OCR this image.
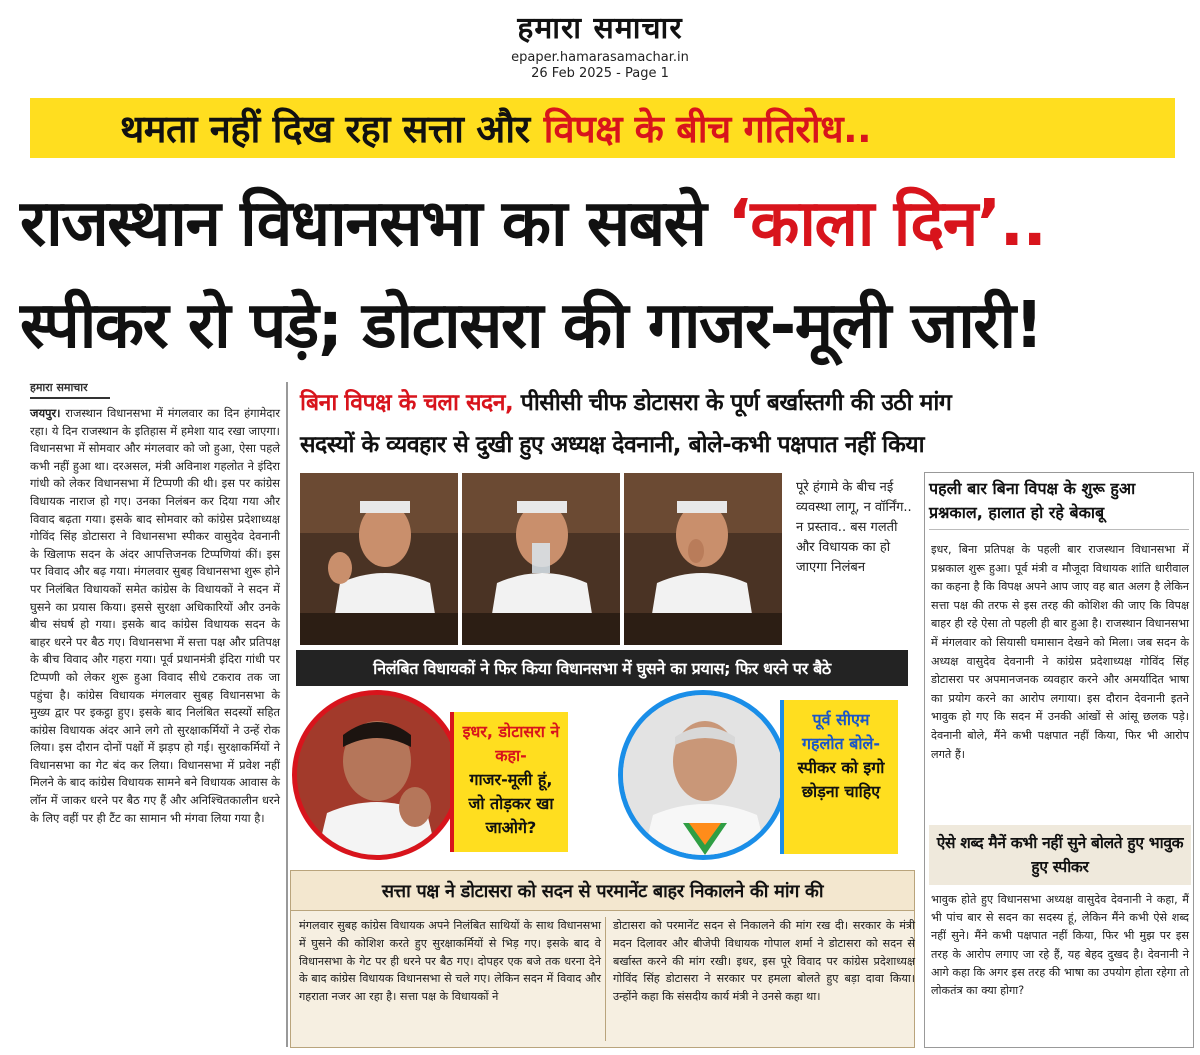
हमारा समाचार
epaper.hamarasamachar.in
26 Feb 2025 - Page 1
थमता नहीं दिख रहा सत्ता और विपक्ष के बीच गतिरोध..
राजस्थान विधानसभा का सबसे ‘काला दिन’..
स्पीकर रो पड़े; डोटासरा की गाजर-मूली जारी!
हमारा समाचार
जयपुर। राजस्थान विधानसभा में मंगलवार का दिन हंगामेदार रहा। ये दिन राजस्थान के इतिहास में हमेशा याद रखा जाएगा। विधानसभा में सोमवार और मंगलवार को जो हुआ, ऐसा पहले कभी नहीं हुआ था। दरअसल, मंत्री अविनाश गहलोत ने इंदिरा गांधी को लेकर विधानसभा में टिप्पणी की थी। इस पर कांग्रेस विधायक नाराज हो गए। उनका निलंबन कर दिया गया और विवाद बढ़ता गया। इसके बाद सोमवार को कांग्रेस प्रदेशाध्यक्ष गोविंद सिंह डोटासरा ने विधानसभा स्पीकर वासुदेव देवनानी के खिलाफ सदन के अंदर आपत्तिजनक टिप्पणियां कीं। इस पर विवाद और बढ़ गया। मंगलवार सुबह विधानसभा शुरू होने पर निलंबित विधायकों समेत कांग्रेस के विधायकों ने सदन में घुसने का प्रयास किया। इससे सुरक्षा अधिकारियों और उनके बीच संघर्ष हो गया। इसके बाद कांग्रेस विधायक सदन के बाहर धरने पर बैठ गए। विधानसभा में सत्ता पक्ष और प्रतिपक्ष के बीच विवाद और गहरा गया। पूर्व प्रधानमंत्री इंदिरा गांधी पर टिप्पणी को लेकर शुरू हुआ विवाद सीधे टकराव तक जा पहुंचा है। कांग्रेस विधायक मंगलवार सुबह विधानसभा के मुख्य द्वार पर इकट्ठा हुए। इसके बाद निलंबित सदस्यों सहित कांग्रेस विधायक अंदर आने लगे तो सुरक्षाकर्मियों ने उन्हें रोक लिया। इस दौरान दोनों पक्षों में झड़प हो गई। सुरक्षाकर्मियों ने विधानसभा का गेट बंद कर लिया। विधानसभा में प्रवेश नहीं मिलने के बाद कांग्रेस विधायक सामने बने विधायक आवास के लॉन में जाकर धरने पर बैठ गए हैं और अनिश्चितकालीन धरने के लिए वहीं पर ही टैंट का सामान भी मंगवा लिया गया है।
बिना विपक्ष के चला सदन, पीसीसी चीफ डोटासरा के पूर्ण बर्खास्तगी की उठी मांग
सदस्यों के व्यवहार से दुखी हुए अध्यक्ष देवनानी, बोले-कभी पक्षपात नहीं किया
पूरे हंगामे के बीच नई व्यवस्था लागू, न वॉर्निंग.. न प्रस्ताव.. बस गलती और विधायक का हो जाएगा निलंबन
निलंबित विधायकों ने फिर किया विधानसभा में घुसने का प्रयास; फिर धरने पर बैठे
इधर, डोटासरा ने कहा-
गाजर-मूली हूं, जो तोड़कर खा जाओगे?
पूर्व सीएम गहलोत बोले-
स्पीकर को इगो छोड़ना चाहिए
सत्ता पक्ष ने डोटासरा को सदन से परमानेंट बाहर निकालने की मांग की
मंगलवार सुबह कांग्रेस विधायक अपने निलंबित साथियों के साथ विधानसभा में घुसने की कोशिश करते हुए सुरक्षाकर्मियों से भिड़ गए। इसके बाद वे विधानसभा के गेट पर ही धरने पर बैठ गए। दोपहर एक बजे तक धरना देने के बाद कांग्रेस विधायक विधानसभा से चले गए। लेकिन सदन में विवाद और गहराता नजर आ रहा है। सत्ता पक्ष के विधायकों ने
डोटासरा को परमानेंट सदन से निकालने की मांग रख दी। सरकार के मंत्री मदन दिलावर और बीजेपी विधायक गोपाल शर्मा ने डोटासरा को सदन से बर्खास्त करने की मांग रखी। इधर, इस पूरे विवाद पर कांग्रेस प्रदेशाध्यक्ष गोविंद सिंह डोटासरा ने सरकार पर हमला बोलते हुए बड़ा दावा किया। उन्होंने कहा कि संसदीय कार्य मंत्री ने उनसे कहा था।
पहली बार बिना विपक्ष के शुरू हुआ प्रश्नकाल, हालात हो रहे बेकाबू
इधर, बिना प्रतिपक्ष के पहली बार राजस्थान विधानसभा में प्रश्नकाल शुरू हुआ। पूर्व मंत्री व मौजूदा विधायक शांति धारीवाल का कहना है कि विपक्ष अपने आप जाए वह बात अलग है लेकिन सत्ता पक्ष की तरफ से इस तरह की कोशिश की जाए कि विपक्ष बाहर ही रहे ऐसा तो पहली ही बार हुआ है। राजस्थान विधानसभा में मंगलवार को सियासी घमासान देखने को मिला। जब सदन के अध्यक्ष वासुदेव देवनानी ने कांग्रेस प्रदेशाध्यक्ष गोविंद सिंह डोटासरा पर अपमानजनक व्यवहार करने और अमर्यादित भाषा का प्रयोग करने का आरोप लगाया। इस दौरान देवनानी इतने भावुक हो गए कि सदन में उनकी आंखों से आंसू छलक पड़े। देवनानी बोले, मैंने कभी पक्षपात नहीं किया, फिर भी आरोप लगते हैं।
ऐसे शब्द मैनें कभी नहीं सुने बोलते हुए भावुक हुए स्पीकर
भावुक होते हुए विधानसभा अध्यक्ष वासुदेव देवनानी ने कहा, मैं भी पांच बार से सदन का सदस्य हूं, लेकिन मैंने कभी ऐसे शब्द नहीं सुने। मैंने कभी पक्षपात नहीं किया, फिर भी मुझ पर इस तरह के आरोप लगाए जा रहे हैं, यह बेहद दुखद है। देवनानी ने आगे कहा कि अगर इस तरह की भाषा का उपयोग होता रहेगा तो लोकतंत्र का क्या होगा?
